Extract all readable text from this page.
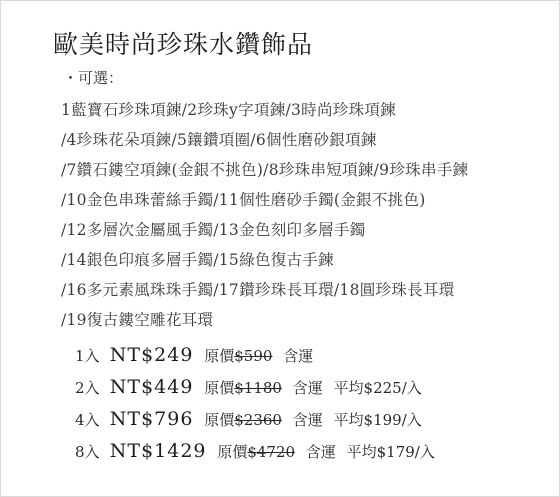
歐美時尚珍珠水鑽飾品
・可選：
1藍寶石珍珠項鍊/2珍珠y字項鍊/3時尚珍珠項鍊
/4珍珠花朵項鍊/5鑲鑽項圈/6個性磨砂銀項鍊
/7鑽石鏤空項鍊(金銀不挑色)/8珍珠串短項鍊/9珍珠串手鍊
/10金色串珠蕾絲手鐲/11個性磨砂手鐲(金銀不挑色)
/12多層次金屬風手鐲/13金色刻印多層手鐲
/14銀色印痕多層手鐲/15綠色復古手鍊
/16多元素風珠珠手鐲/17鑽珍珠長耳環/18圓珍珠長耳環
/19復古鏤空雕花耳環
1入 NT$249 原價$590 含運
2入 NT$449 原價$1180 含運 平均$225/入
4入 NT$796 原價$2360 含運 平均$199/入
8入 NT$1429 原價$4720 含運 平均$179/入
